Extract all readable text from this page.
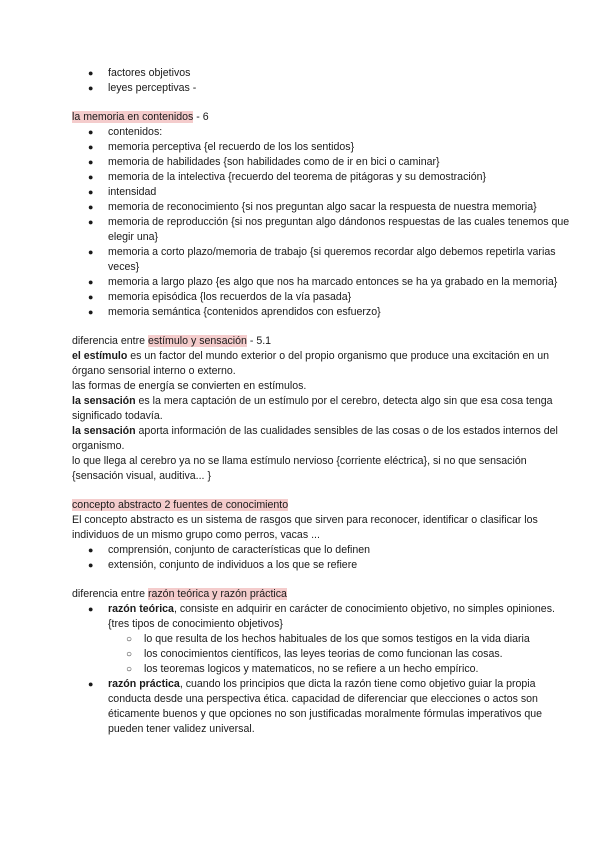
● factores objetivos
● leyes perceptivas -

la memoria en contenidos - 6

● contenidos:
● memoria perceptiva {el recuerdo de los los sentidos}
● memoria de habilidades {son habilidades como de ir en bici o caminar}
● memoria de la intelectiva {recuerdo del teorema de pitágoras y su demostración}
● intensidad
● memoria de reconocimiento {si nos preguntan algo sacar la respuesta de nuestra memoria}
● memoria de reproducción {si nos preguntan algo dándonos respuestas de las cuales tenemos que elegir una}
● memoria a corto plazo/memoria de trabajo {si queremos recordar algo debemos repetirla varias veces}
● memoria a largo plazo {es algo que nos ha marcado entonces se ha ya grabado en la memoria}
● memoria episódica {los recuerdos de la vía pasada}
● memoria semántica {contenidos aprendidos con esfuerzo}

diferencia entre estímulo y sensación - 5.1

el estímulo es un factor del mundo exterior o del propio organismo que produce una excitación en un órgano sensorial interno o externo.

las formas de energía se convierten en estímulos.

la sensación es la mera captación de un estímulo por el cerebro, detecta algo sin que esa cosa tenga significado todavía.

la sensación aporta información de las cualidades sensibles de las cosas o de los estados internos del organismo.

lo que llega al cerebro ya no se llama estímulo nervioso {corriente eléctrica}, si no que sensación {sensación visual, auditiva... }

concepto abstracto 2 fuentes de conocimiento

El concepto abstracto es un sistema de rasgos que sirven para reconocer, identificar o clasificar los individuos de un mismo grupo como perros, vacas ...

● comprensión, conjunto de características que lo definen
● extensión, conjunto de individuos a los que se refiere

diferencia entre razón teórica y razón práctica

● razón teórica, consiste en adquirir en carácter de conocimiento objetivo, no simples opiniones. {tres tipos de conocimiento objetivos}
○ lo que resulta de los hechos habituales de los que somos testigos en la vida diaria
○ los conocimientos científicos, las leyes teorias de como funcionan las cosas.
○ los teoremas logicos y matematicos, no se refiere a un hecho empírico.
● razón práctica, cuando los principios que dicta la razón tiene como objetivo guiar la propia conducta desde una perspectiva ética. capacidad de diferenciar que elecciones o actos son éticamente buenos y que opciones no son justificadas moralmente fórmulas imperativos que pueden tener validez universal.
